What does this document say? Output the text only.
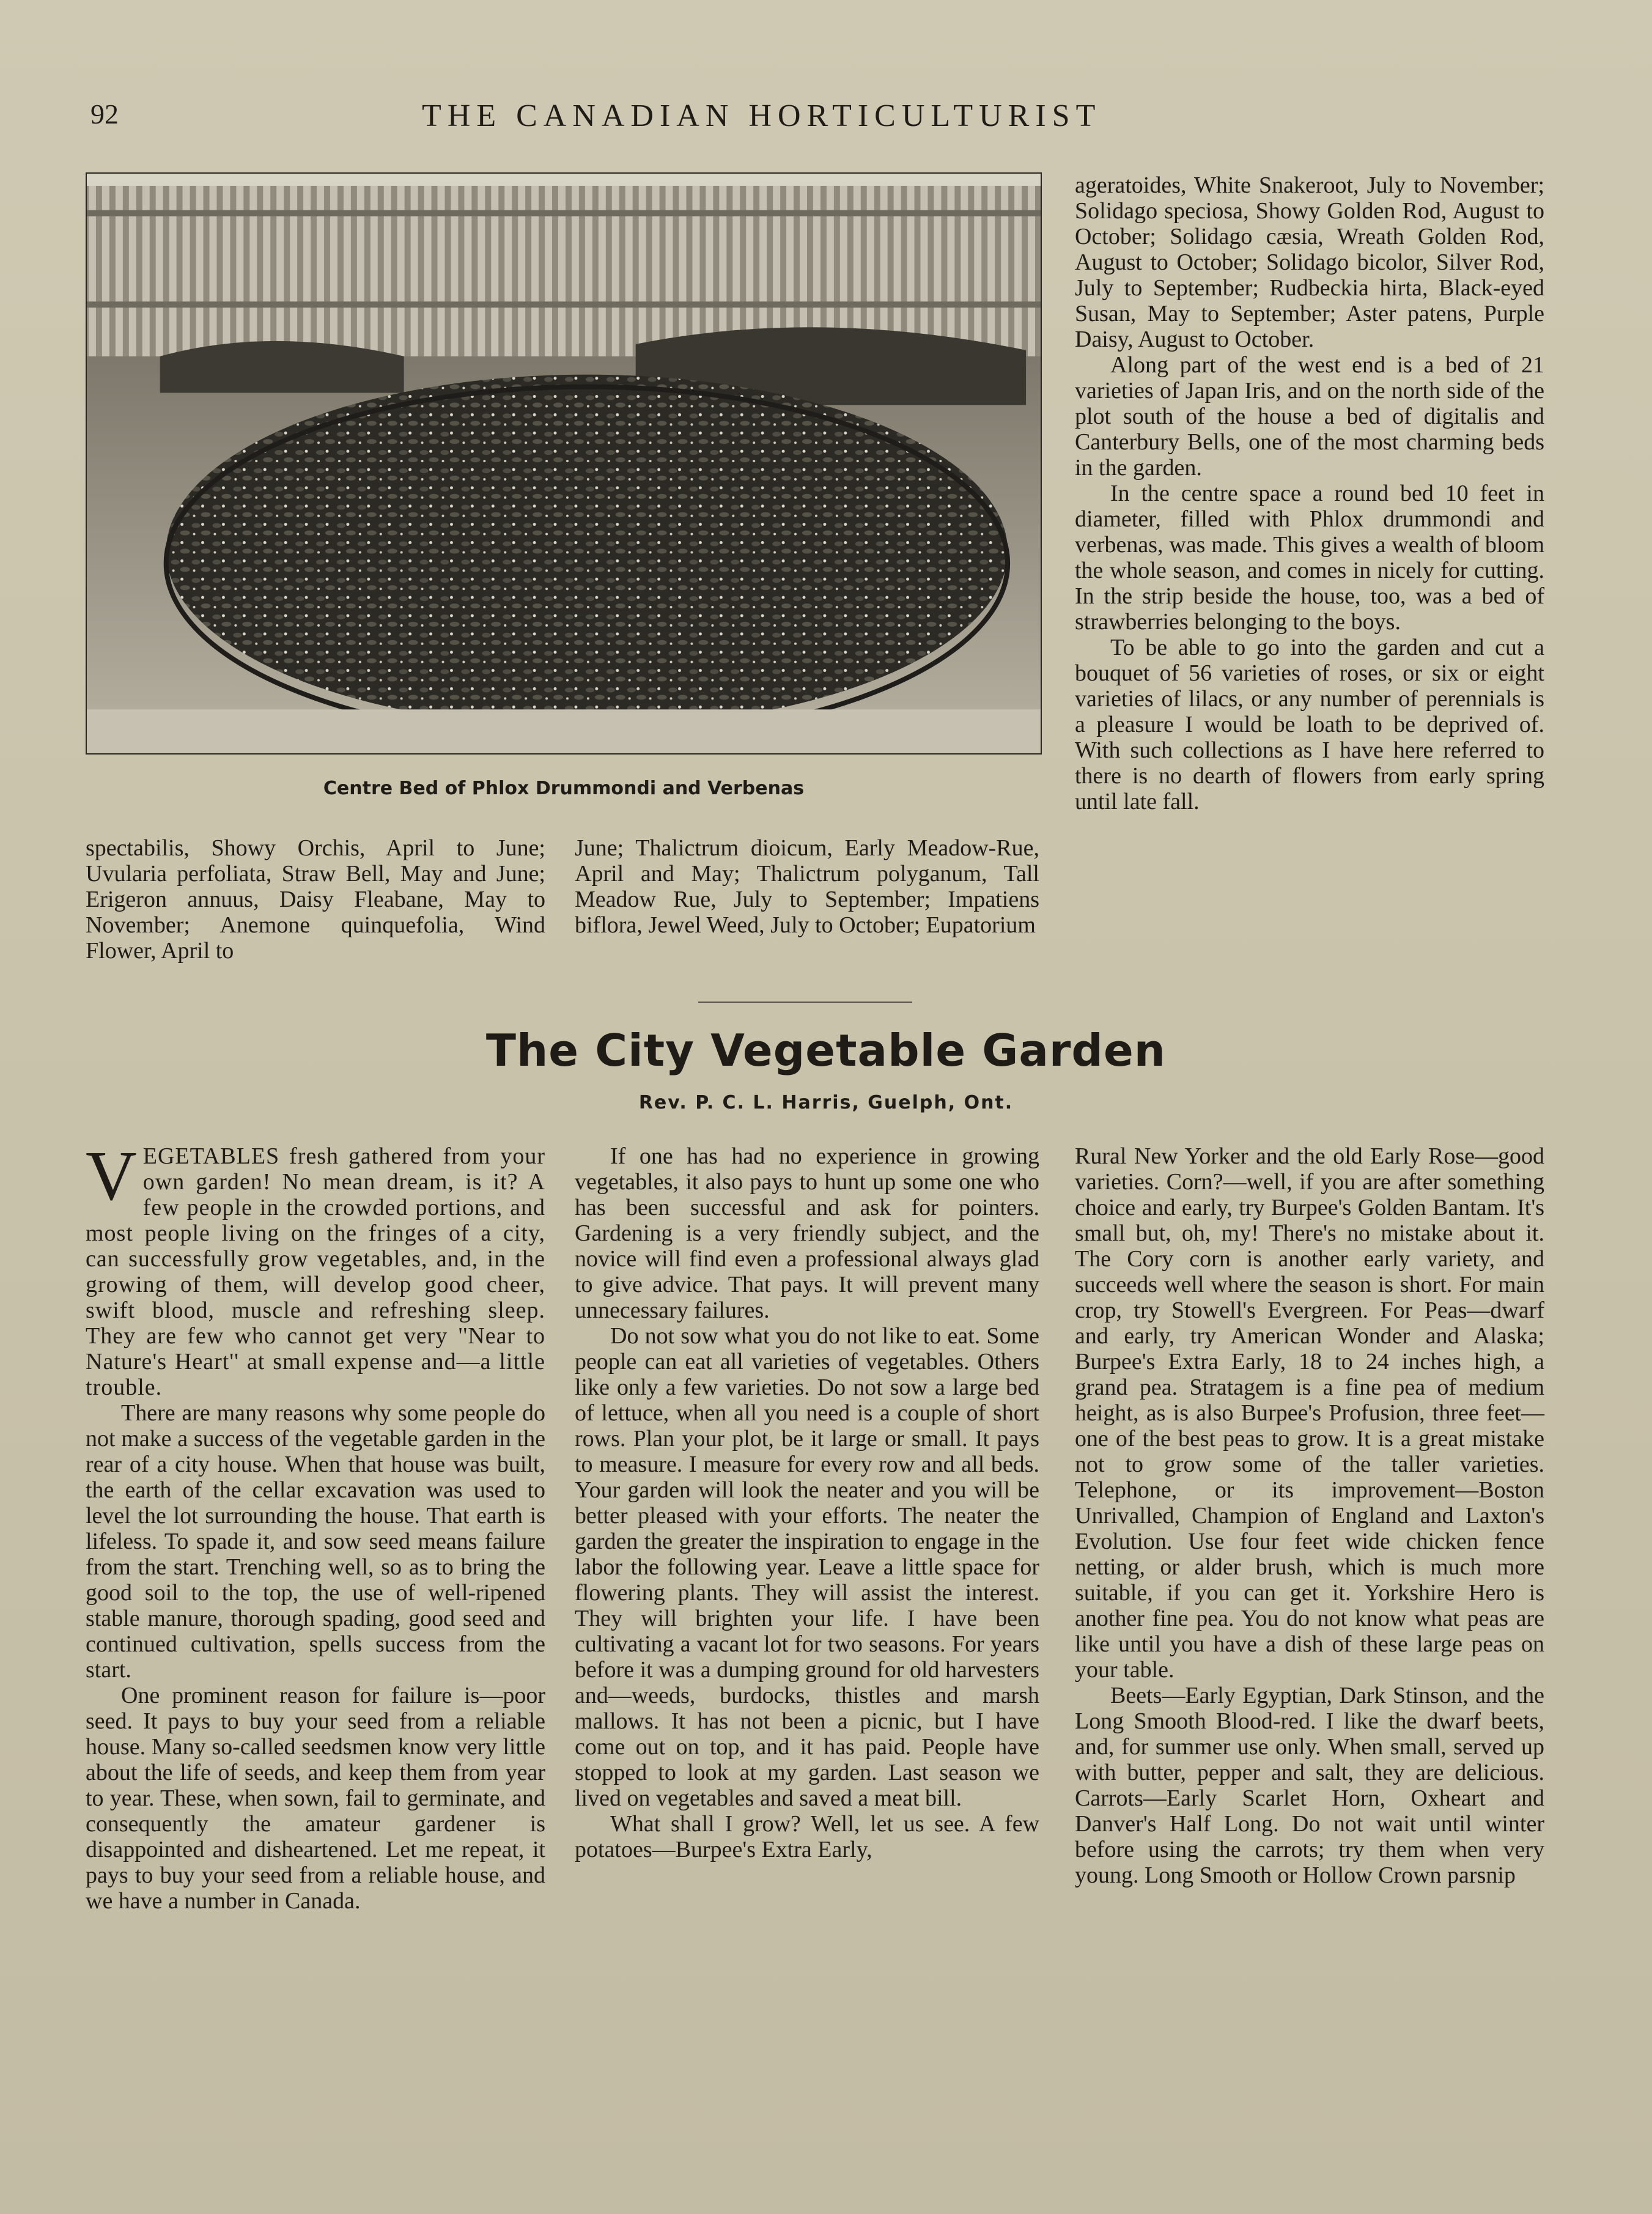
92	THE CANADIAN HORTICULTURIST
Centre Bed of Phlox Drummondi and Verbenas

spectabilis, Showy Orchis, April to June; Uvularia perfoliata, Straw Bell, May and June; Erigeron annuus, Daisy Fleabane, May to November; Anemone quinquefolia, Wind Flower, April to

June; Thalictrum dioicum, Early Meadow-Rue, April and May; Thalictrum polyganum, Tall Meadow Rue, July to September; Impatiens biflora, Jewel Weed, July to October; Eupatorium

ageratoides, White Snakeroot, July to November; Solidago speciosa, Showy Golden Rod, August to October; Solidago cæsia, Wreath Golden Rod, August to October; Solidago bicolor, Silver Rod, July to September; Rudbeckia hirta, Black-eyed Susan, May to September; Aster patens, Purple Daisy, August to October.

Along part of the west end is a bed of 21 varieties of Japan Iris, and on the north side of the plot south of the house a bed of digitalis and Canterbury Bells, one of the most charming beds in the garden.

In the centre space a round bed 10 feet in diameter, filled with Phlox drummondi and verbenas, was made. This gives a wealth of bloom the whole season, and comes in nicely for cutting. In the strip beside the house, too, was a bed of strawberries belonging to the boys.

To be able to go into the garden and cut a bouquet of 56 varieties of roses, or six or eight varieties of lilacs, or any number of perennials is a pleasure I would be loath to be deprived of. With such collections as I have here referred to there is no dearth of flowers from early spring until late fall.

The City Vegetable Garden
Rev. P. C. L. Harris, Guelph, Ont.

VEGETABLES fresh gathered from your own garden! No mean dream, is it? A few people in the crowded portions, and most people living on the fringes of a city, can successfully grow vegetables, and, in the growing of them, will develop good cheer, swift blood, muscle and refreshing sleep. They are few who cannot get very ''Near to Nature's Heart'' at small expense and—a little trouble.

There are many reasons why some people do not make a success of the vegetable garden in the rear of a city house. When that house was built, the earth of the cellar excavation was used to level the lot surrounding the house. That earth is lifeless. To spade it, and sow seed means failure from the start. Trenching well, so as to bring the good soil to the top, the use of well-ripened stable manure, thorough spading, good seed and continued cultivation, spells success from the start.

One prominent reason for failure is—poor seed. It pays to buy your seed from a reliable house. Many so-called seedsmen know very little about the life of seeds, and keep them from year to year. These, when sown, fail to germinate, and consequently the amateur gardener is disappointed and disheartened. Let me repeat, it pays to buy your seed from a reliable house, and we have a number in Canada.

If one has had no experience in growing vegetables, it also pays to hunt up some one who has been successful and ask for pointers. Gardening is a very friendly subject, and the novice will find even a professional always glad to give advice. That pays. It will prevent many unnecessary failures.

Do not sow what you do not like to eat. Some people can eat all varieties of vegetables. Others like only a few varieties. Do not sow a large bed of lettuce, when all you need is a couple of short rows. Plan your plot, be it large or small. It pays to measure. I measure for every row and all beds. Your garden will look the neater and you will be better pleased with your efforts. The neater the garden the greater the inspiration to engage in the labor the following year. Leave a little space for flowering plants. They will assist the interest. They will brighten your life. I have been cultivating a vacant lot for two seasons. For years before it was a dumping ground for old harvesters and—weeds, burdocks, thistles and marsh mallows. It has not been a picnic, but I have come out on top, and it has paid. People have stopped to look at my garden. Last season we lived on vegetables and saved a meat bill.

What shall I grow? Well, let us see. A few potatoes—Burpee's Extra Early,

Rural New Yorker and the old Early Rose—good varieties. Corn?—well, if you are after something choice and early, try Burpee's Golden Bantam. It's small but, oh, my! There's no mistake about it. The Cory corn is another early variety, and succeeds well where the season is short. For main crop, try Stowell's Evergreen. For Peas—dwarf and early, try American Wonder and Alaska; Burpee's Extra Early, 18 to 24 inches high, a grand pea. Stratagem is a fine pea of medium height, as is also Burpee's Profusion, three feet—one of the best peas to grow. It is a great mistake not to grow some of the taller varieties. Telephone, or its improvement—Boston Unrivalled, Champion of England and Laxton's Evolution. Use four feet wide chicken fence netting, or alder brush, which is much more suitable, if you can get it. Yorkshire Hero is another fine pea. You do not know what peas are like until you have a dish of these large peas on your table.

Beets—Early Egyptian, Dark Stinson, and the Long Smooth Blood-red. I like the dwarf beets, and, for summer use only. When small, served up with butter, pepper and salt, they are delicious. Carrots—Early Scarlet Horn, Oxheart and Danver's Half Long. Do not wait until winter before using the carrots; try them when very young. Long Smooth or Hollow Crown parsnip
